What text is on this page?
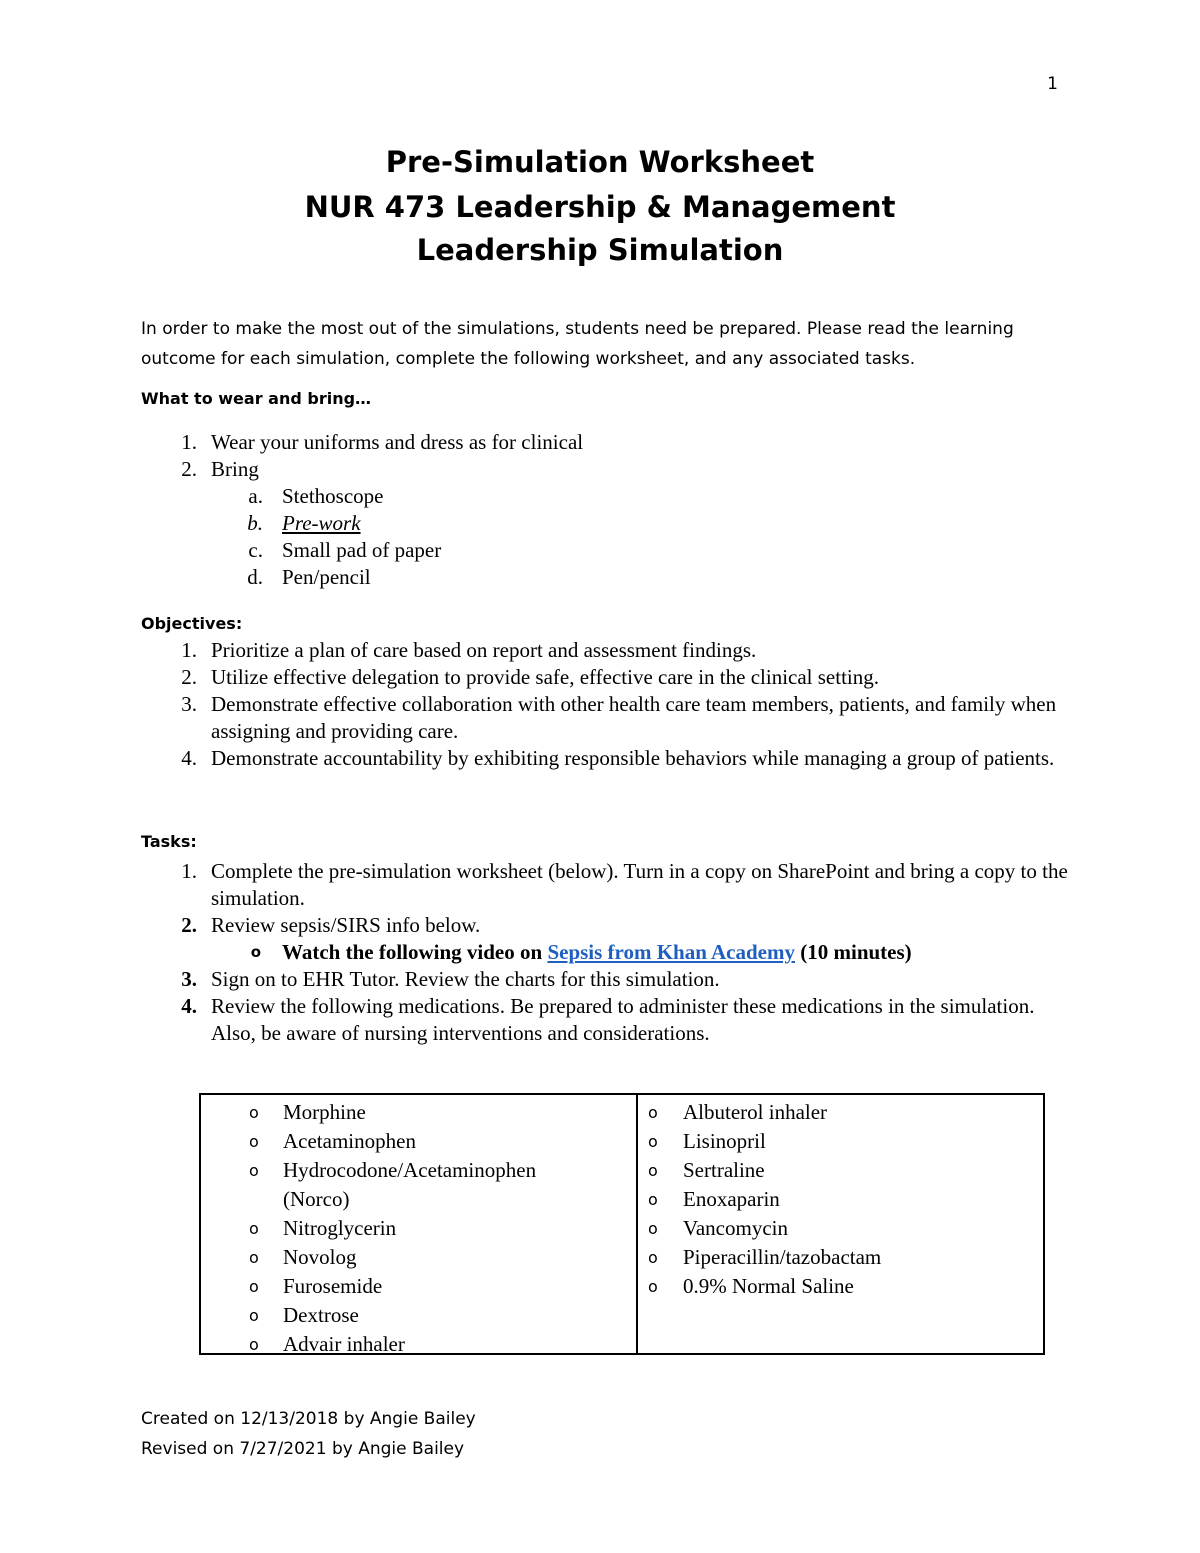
1
Pre-Simulation Worksheet
NUR 473 Leadership & Management
Leadership Simulation
In order to make the most out of the simulations, students need be prepared. Please read the learning outcome for each simulation, complete the following worksheet, and any associated tasks.
What to wear and bring…
1. Wear your uniforms and dress as for clinical
2. Bring
a. Stethoscope
b. Pre-work
c. Small pad of paper
d. Pen/pencil
Objectives:
1. Prioritize a plan of care based on report and assessment findings.
2. Utilize effective delegation to provide safe, effective care in the clinical setting.
3. Demonstrate effective collaboration with other health care team members, patients, and family when assigning and providing care.
4. Demonstrate accountability by exhibiting responsible behaviors while managing a group of patients.
Tasks:
1. Complete the pre-simulation worksheet (below). Turn in a copy on SharePoint and bring a copy to the simulation.
2. Review sepsis/SIRS info below.
o Watch the following video on Sepsis from Khan Academy (10 minutes)
3. Sign on to EHR Tutor. Review the charts for this simulation.
4. Review the following medications. Be prepared to administer these medications in the simulation. Also, be aware of nursing interventions and considerations.
o Morphine
o Acetaminophen
o Hydrocodone/Acetaminophen (Norco)
o Nitroglycerin
o Novolog
o Furosemide
o Dextrose
o Advair inhaler
o Albuterol inhaler
o Lisinopril
o Sertraline
o Enoxaparin
o Vancomycin
o Piperacillin/tazobactam
o 0.9% Normal Saline
Created on 12/13/2018 by Angie Bailey
Revised on 7/27/2021 by Angie Bailey
